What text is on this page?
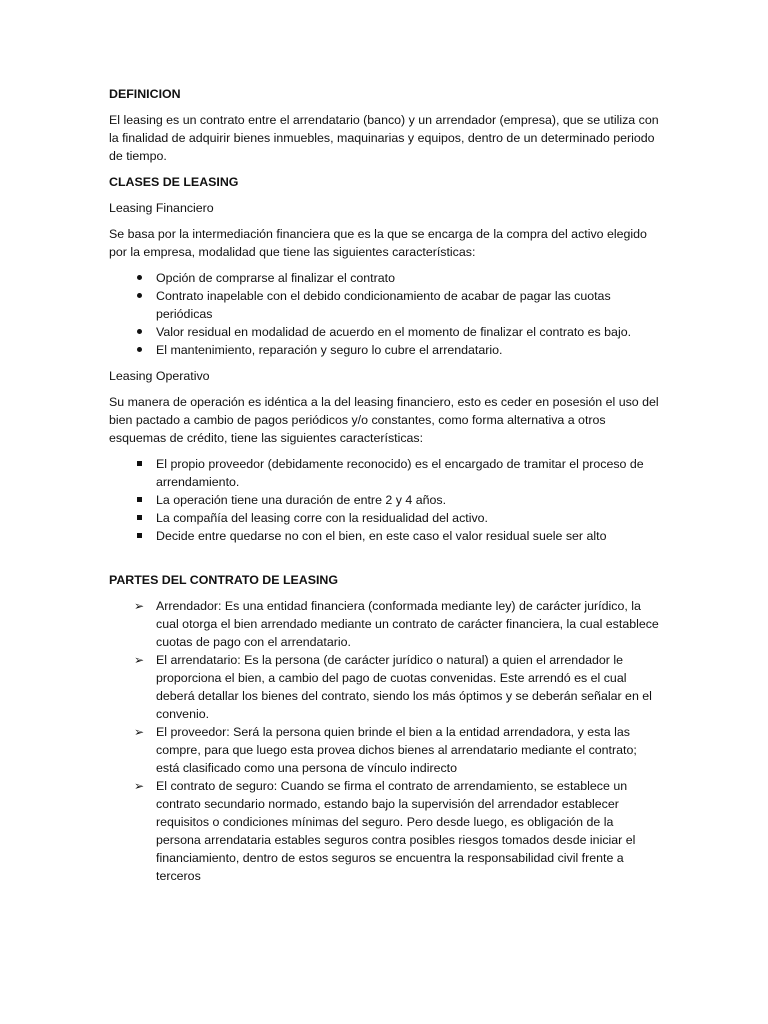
DEFINICION

El leasing es un contrato entre el arrendatario (banco) y un arrendador (empresa), que se utiliza con la finalidad de adquirir bienes inmuebles, maquinarias y equipos, dentro de un determinado periodo de tiempo.

CLASES DE LEASING

Leasing Financiero

Se basa por la intermediación financiera que es la que se encarga de la compra del activo elegido por la empresa, modalidad que tiene las siguientes características:

Opción de comprarse al finalizar el contrato
Contrato inapelable con el debido condicionamiento de acabar de pagar las cuotas periódicas
Valor residual en modalidad de acuerdo en el momento de finalizar el contrato es bajo.
El mantenimiento, reparación y seguro lo cubre el arrendatario.

Leasing Operativo

Su manera de operación es idéntica a la del leasing financiero, esto es ceder en posesión el uso del bien pactado a cambio de pagos periódicos y/o constantes, como forma alternativa a otros esquemas de crédito, tiene las siguientes características:

El propio proveedor (debidamente reconocido) es el encargado de tramitar el proceso de arrendamiento.
La operación tiene una duración de entre 2 y 4 años.
La compañía del leasing corre con la residualidad del activo.
Decide entre quedarse no con el bien, en este caso el valor residual suele ser alto

PARTES DEL CONTRATO DE LEASING

➢ Arrendador: Es una entidad financiera (conformada mediante ley) de carácter jurídico, la cual otorga el bien arrendado mediante un contrato de carácter financiera, la cual establece cuotas de pago con el arrendatario.
➢ El arrendatario: Es la persona (de carácter jurídico o natural) a quien el arrendador le proporciona el bien, a cambio del pago de cuotas convenidas. Este arrendó es el cual deberá detallar los bienes del contrato, siendo los más óptimos y se deberán señalar en el convenio.
➢ El proveedor: Será la persona quien brinde el bien a la entidad arrendadora, y esta las compre, para que luego esta provea dichos bienes al arrendatario mediante el contrato; está clasificado como una persona de vínculo indirecto
➢ El contrato de seguro: Cuando se firma el contrato de arrendamiento, se establece un contrato secundario normado, estando bajo la supervisión del arrendador establecer requisitos o condiciones mínimas del seguro. Pero desde luego, es obligación de la persona arrendataria estables seguros contra posibles riesgos tomados desde iniciar el financiamiento, dentro de estos seguros se encuentra la responsabilidad civil frente a terceros
